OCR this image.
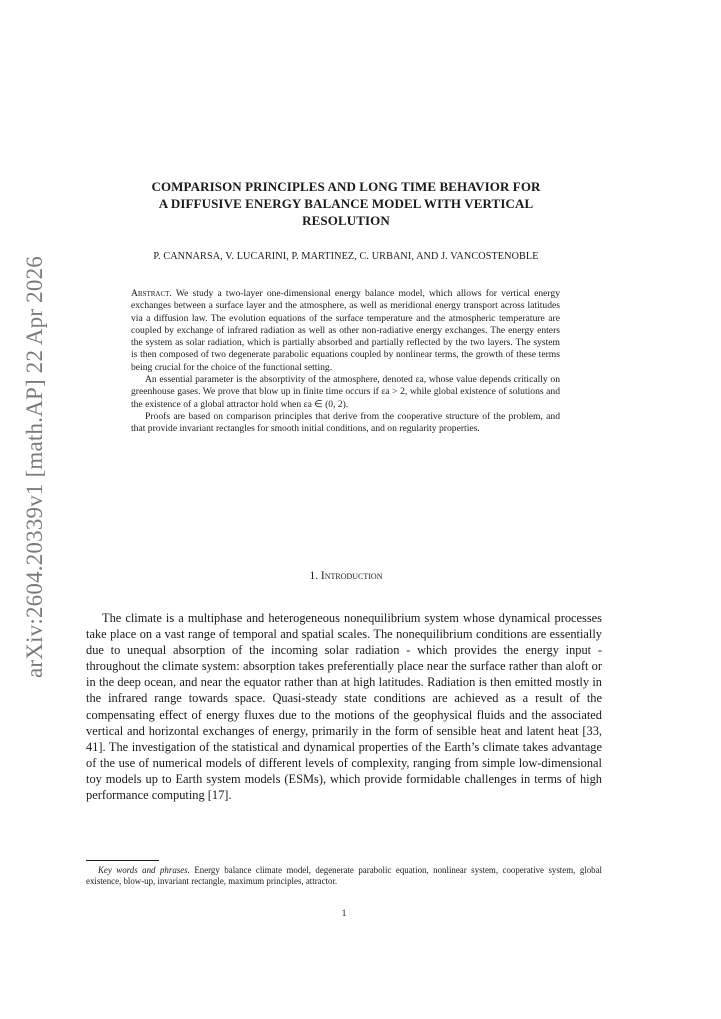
arXiv:2604.20339v1 [math.AP] 22 Apr 2026
COMPARISON PRINCIPLES AND LONG TIME BEHAVIOR FOR
A DIFFUSIVE ENERGY BALANCE MODEL WITH VERTICAL
RESOLUTION
P. CANNARSA, V. LUCARINI, P. MARTINEZ, C. URBANI, AND J. VANCOSTENOBLE

Abstract. We study a two-layer one-dimensional energy balance model, which allows for vertical energy exchanges between a surface layer and the atmosphere, as well as meridional energy transport across latitudes via a diffusion law. The evolution equations of the surface temperature and the atmospheric temperature are coupled by exchange of infrared radiation as well as other non-radiative energy exchanges. The energy enters the system as solar radiation, which is partially absorbed and partially reflected by the two layers. The system is then composed of two degenerate parabolic equations coupled by nonlinear terms, the growth of these terms being crucial for the choice of the functional setting.

An essential parameter is the absorptivity of the atmosphere, denoted εa, whose value depends critically on greenhouse gases. We prove that blow up in finite time occurs if εa > 2, while global existence of solutions and the existence of a global attractor hold when εa ∈ (0, 2).

Proofs are based on comparison principles that derive from the cooperative structure of the problem, and that provide invariant rectangles for smooth initial conditions, and on regularity properties.

1. Introduction

The climate is a multiphase and heterogeneous nonequilibrium system whose dynamical processes take place on a vast range of temporal and spatial scales. The nonequilibrium conditions are essentially due to unequal absorption of the incoming solar radiation - which provides the energy input - throughout the climate system: absorption takes preferentially place near the surface rather than aloft or in the deep ocean, and near the equator rather than at high latitudes. Radiation is then emitted mostly in the infrared range towards space. Quasi-steady state conditions are achieved as a result of the compensating effect of energy fluxes due to the motions of the geophysical fluids and the associated vertical and horizontal exchanges of energy, primarily in the form of sensible heat and latent heat [33, 41]. The investigation of the statistical and dynamical properties of the Earth’s climate takes advantage of the use of numerical models of different levels of complexity, ranging from simple low-dimensional toy models up to Earth system models (ESMs), which provide formidable challenges in terms of high performance computing [17].

Key words and phrases. Energy balance climate model, degenerate parabolic equation, nonlinear system, cooperative system, global existence, blow-up, invariant rectangle, maximum principles, attractor.

1
